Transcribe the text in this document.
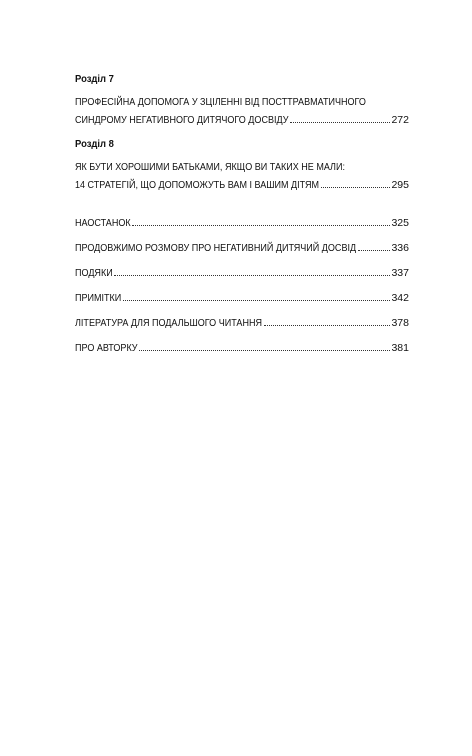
Розділ 7
ПРОФЕСІЙНА ДОПОМОГА У ЗЦІЛЕННІ ВІД ПОСТТРАВМАТИЧНОГО
СИНДРОМУ НЕГАТИВНОГО ДИТЯЧОГО ДОСВІДУ	272
Розділ 8
ЯК БУТИ ХОРОШИМИ БАТЬКАМИ, ЯКЩО ВИ ТАКИХ НЕ МАЛИ:
14 СТРАТЕГІЙ, ЩО ДОПОМОЖУТЬ ВАМ І ВАШИМ ДІТЯМ	295
НАОСТАНОК	325
ПРОДОВЖИМО РОЗМОВУ ПРО НЕГАТИВНИЙ ДИТЯЧИЙ ДОСВІД	336
ПОДЯКИ	337
ПРИМІТКИ	342
ЛІТЕРАТУРА ДЛЯ ПОДАЛЬШОГО ЧИТАННЯ	378
ПРО АВТОРКУ	381
